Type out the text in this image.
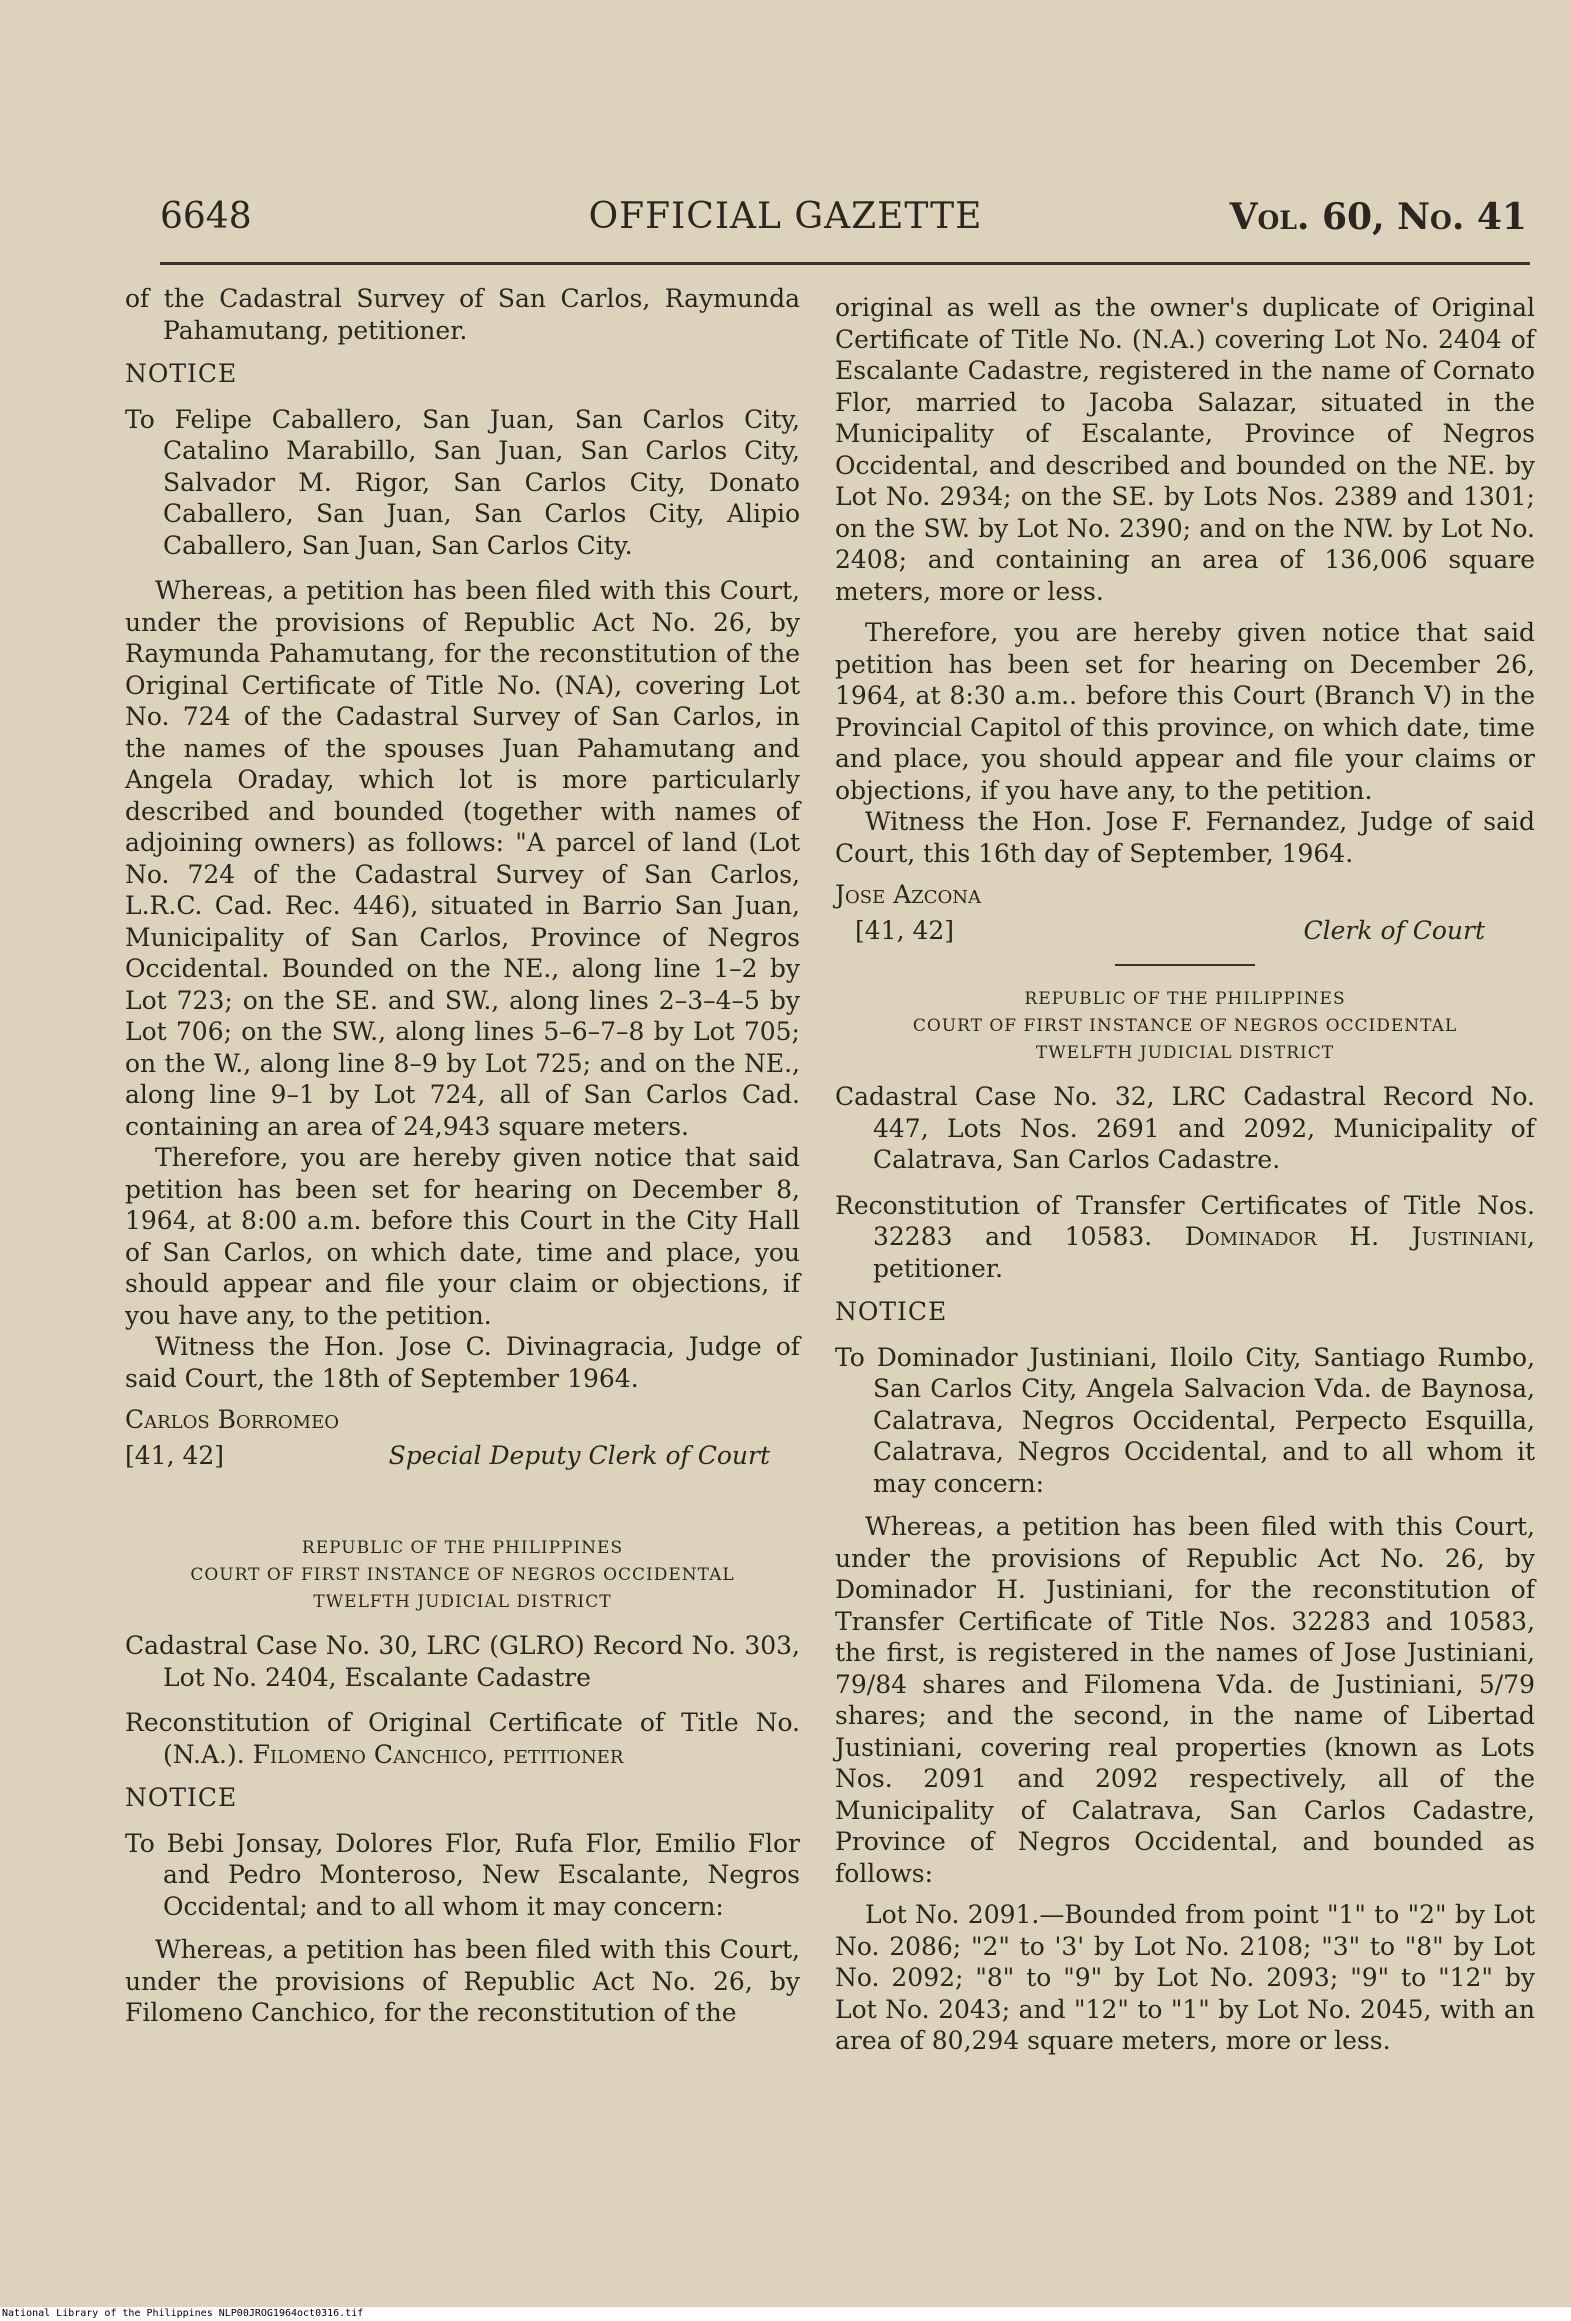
6648	OFFICIAL GAZETTE	Vol. 60, No. 41

of the Cadastral Survey of San Carlos, Raymunda Pahamutang, petitioner.

NOTICE

To Felipe Caballero, San Juan, San Carlos City, Catalino Marabillo, San Juan, San Carlos City, Salvador M. Rigor, San Carlos City, Donato Caballero, San Juan, San Carlos City, Alipio Caballero, San Juan, San Carlos City.

Whereas, a petition has been filed with this Court, under the provisions of Republic Act No. 26, by Raymunda Pahamutang, for the reconstitution of the Original Certificate of Title No. (NA), covering Lot No. 724 of the Cadastral Survey of San Carlos, in the names of the spouses Juan Pahamutang and Angela Oraday, which lot is more particularly described and bounded (together with names of adjoining owners) as follows: "A parcel of land (Lot No. 724 of the Cadastral Survey of San Carlos, L.R.C. Cad. Rec. 446), situated in Barrio San Juan, Municipality of San Carlos, Province of Negros Occidental. Bounded on the NE., along line 1–2 by Lot 723; on the SE. and SW., along lines 2–3–4–5 by Lot 706; on the SW., along lines 5–6–7–8 by Lot 705; on the W., along line 8–9 by Lot 725; and on the NE., along line 9–1 by Lot 724, all of San Carlos Cad. containing an area of 24,943 square meters.

Therefore, you are hereby given notice that said petition has been set for hearing on December 8, 1964, at 8:00 a.m. before this Court in the City Hall of San Carlos, on which date, time and place, you should appear and file your claim or objections, if you have any, to the petition.

Witness the Hon. Jose C. Divinagracia, Judge of said Court, the 18th of September 1964.

Carlos Borromeo

[41, 42]	Special Deputy Clerk of Court

REPUBLIC OF THE PHILIPPINES

COURT OF FIRST INSTANCE OF NEGROS OCCIDENTAL

TWELFTH JUDICIAL DISTRICT

Cadastral Case No. 30, LRC (GLRO) Record No. 303, Lot No. 2404, Escalante Cadastre

Reconstitution of Original Certificate of Title No. (N.A.). Filomeno Canchico, petitioner

NOTICE

To Bebi Jonsay, Dolores Flor, Rufa Flor, Emilio Flor and Pedro Monteroso, New Escalante, Negros Occidental; and to all whom it may concern:

Whereas, a petition has been filed with this Court, under the provisions of Republic Act No. 26, by Filomeno Canchico, for the reconstitution of the

original as well as the owner's duplicate of Original Certificate of Title No. (N.A.) covering Lot No. 2404 of Escalante Cadastre, registered in the name of Cornato Flor, married to Jacoba Salazar, situated in the Municipality of Escalante, Province of Negros Occidental, and described and bounded on the NE. by Lot No. 2934; on the SE. by Lots Nos. 2389 and 1301; on the SW. by Lot No. 2390; and on the NW. by Lot No. 2408; and containing an area of 136,006 square meters, more or less.

Therefore, you are hereby given notice that said petition has been set for hearing on December 26, 1964, at 8:30 a.m.. before this Court (Branch V) in the Provincial Capitol of this province, on which date, time and place, you should appear and file your claims or objections, if you have any, to the petition.

Witness the Hon. Jose F. Fernandez, Judge of said Court, this 16th day of September, 1964.

Jose Azcona

[41, 42]	Clerk of Court

REPUBLIC OF THE PHILIPPINES

COURT OF FIRST INSTANCE OF NEGROS OCCIDENTAL

TWELFTH JUDICIAL DISTRICT

Cadastral Case No. 32, LRC Cadastral Record No. 447, Lots Nos. 2691 and 2092, Municipality of Calatrava, San Carlos Cadastre.

Reconstitution of Transfer Certificates of Title Nos. 32283 and 10583. Dominador H. Justiniani, petitioner.

NOTICE

To Dominador Justiniani, Iloilo City, Santiago Rumbo, San Carlos City, Angela Salvacion Vda. de Baynosa, Calatrava, Negros Occidental, Perpecto Esquilla, Calatrava, Negros Occidental, and to all whom it may concern:

Whereas, a petition has been filed with this Court, under the provisions of Republic Act No. 26, by Dominador H. Justiniani, for the reconstitution of Transfer Certificate of Title Nos. 32283 and 10583, the first, is registered in the names of Jose Justiniani, 79/84 shares and Filomena Vda. de Justiniani, 5/79 shares; and the second, in the name of Libertad Justiniani, covering real properties (known as Lots Nos. 2091 and 2092 respectively, all of the Municipality of Calatrava, San Carlos Cadastre, Province of Negros Occidental, and bounded as follows:

Lot No. 2091.—Bounded from point "1" to "2" by Lot No. 2086; "2" to '3' by Lot No. 2108; "3" to "8" by Lot No. 2092; "8" to "9" by Lot No. 2093; "9" to "12" by Lot No. 2043; and "12" to "1" by Lot No. 2045, with an area of 80,294 square meters, more or less.

National Library of the Philippines NLP00JROG1964oct0316.tif
